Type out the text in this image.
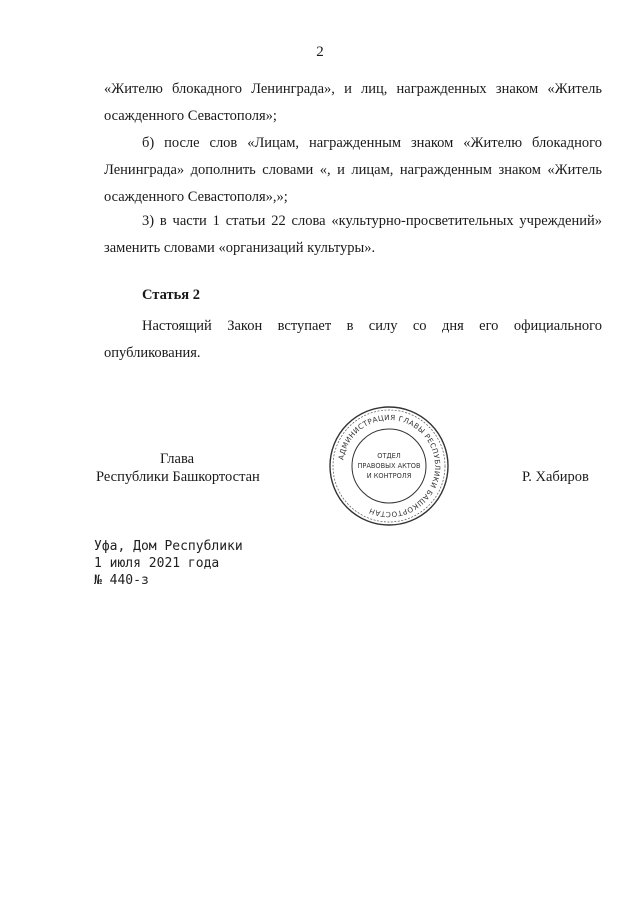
2
«Жителю блокадного Ленинграда», и лиц, награжденных знаком «Житель осажденного Севастополя»;
б) после слов «Лицам, награжденным знаком «Жителю блокадного Ленинграда» дополнить словами «, и лицам, награжденным знаком «Житель осажденного Севастополя»,»;
3) в части 1 статьи 22 слова «культурно-просветительных учреждений» заменить словами «организаций культуры».
Статья 2
Настоящий Закон вступает в силу со дня его официального опубликования.
Глава
Республики Башкортостан	Р. Хабиров
АДМИНИСТРАЦИЯ ГЛАВЫ РЕСПУБЛИКИ БАШКОРТОСТАН
ОТДЕЛ
ПРАВОВЫХ АКТОВ
И КОНТРОЛЯ
Уфа, Дом Республики
1 июля 2021 года
№ 440-з
